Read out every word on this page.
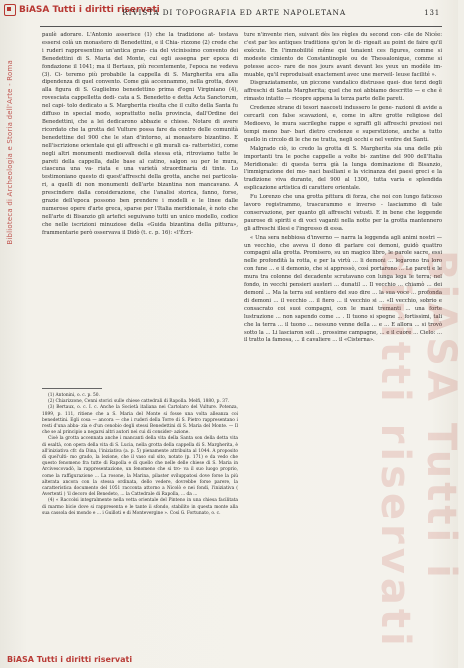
BiASA Tutti i diritti riservati
Biblioteca di Archeologia e Storia dell'Arte - Roma
RIVISTA DI TOPOGRAFIA ED ARTE NAPOLETANA	131

paulè adorare. L'Antonio asserisce (1) che la tradizione at- testava essersi colà un monastero di Benedettini, e il Chia- rizzone (2) crede che i ruderi rappresentino un'antica gran- cia del vicinissimo convento dei Benedettini di S. Maria del Monte, cui egli assegna per epoca di fondazione il 1041; ma il Bertaux, più recentemente, l'epoca ne vedeva (3). Ci- teremo più probabile la cappella di S. Margherita era alla dipendenza di quel convento. Come già accennammo, nella grotta, dove alla figura di S. Guglielmo benedettino prima d'ogni Virginiano (4), rovesciata cappelletta dedi- cata a S. Benedetto e detta Acta Sanctorum, nel capi- tolo dedicato a S. Margherita risulta che il culto della Santa fu diffuso in special modo, soprattutto nella provincia, dall'Ordine dei Benedettini, che a lei dedicarono abbazie e chiese. Notare di avere ricordato che la grotta del Vulture possa fare da centro delle comunità benedettine del 900 che le stan d'intorno, ai monastero bizantino. E nell'iscrizione orientale qui gli affreschi e gli murali ca- ratteristici, come negli altri monumenti medioevali della stessa età, ritroviamo tutte le pareti della cappella, dalle base al catino, salgon su per le mura, ciascuna una va- riata e una varietà straordinaria di tinte. Lo testimoniano questo di quest'affreschi della grotta, anche nei particola- ri, a quelli di non monumenti dell'arte bizantina non mancavano. A prescindere dalla considerazione, che l'analisi storica, fanno, forse, grazie dell'epoca possono ben prendere i modelli e le linee dalle numerose opere d'arte greca, sparse per l'Italia meridionale, è noto che nell'arte di Bisanzio gli artefici seguivano tutti un unico modello, codice che nelle iscrizioni minuziose della «Guida bizantina della pittura», frammentarie però osservava il Didò (t. c. p. 16): «l'Écri-

(1) Antonini, o. c. p. 50.

(2) Chiarizzone, Cenni storici sulle chiese cattedrali di Rapolla. Melfi, 1880, p. 37.

(3) Bertaux, o. c. I. c. Anche la Società italiana nei Cartolaro del Vulture. Potenza, 1899, p. 111, ritiene che a S. Maria del Monte si fosse una volta alleanza coi benedettini. Egli cosa — ancora — che i ruderi della Torre di S. Pietro rappresentano i resti d'una abba- zia e d'un cenobio degli stessi Benedettini di S. Maria del Monte. — Il che se al principio a negarsi altri autori nei cui di consider- azione.

Cioè la grotta accennata anche i mancanti della vita della Santa son della detta vita di esaltà, con opera della vita di S. Lucia, nella grotta della cappella di S. Margherita, è all'iniziativa cfr. da Dina, l'iniziativa (a. p. 5) pienamente attribuita al 1044. A proposito di quel'ulti- mo grado, la lezione, che il vaso sul sito, notato (p. 171) e da vedo che questo fenomeno fra tutte di Rapolla e di quello che nelle delle chiese di S. Maria in Arcivescovadò, la rappresentazione, un fenomeno che si tro- va il suo luogo proprio, come la raffigurazione ... La rosone, la Marina, pilaster sviluppatosi dove forse la più alterata ancora con la stessa ordinata, dello vedere, dovrebbe forse parere, la caratteristica documento del 1051 racconta attorno a Nicolò e nei fondi, l'iniziativa ( Avertentì ) 'il decoro del Benedeto, ... la Cattedrale di Rapolla, ... da ...

(4) « Raccolsi integralmente nella vetta orientale del Pinteno in una chiesa facilitata di marmo bicie dove si rappresenta e le tante ii sfondo, stabilito in questa monte alla sua cassola dei mondo e ... i Guilloti e di Montevergine ». Così G. Fortunato, o. c.

ture n'invente rien, suivant dès les règles du second con- cile de Nicée: c'est par les antiques traditions qu'on le di- rigeait au point de faire qu'il exécute. En l'immobilité même qui tenaient ces figures, comme si modeste cimiento de Constantinople ou de Thessalonique, comme si potesse acco- rare de nos jours avant devant les yeux un modèle im- muable, qu'il reproduisait exactement avec une merveil- leuse facilité ».

Disgraziatamente, un piccone vandalico distrusse quei- due terzi degli affreschi di Santa Margherita; quel che noi abbiamo descritto — e che è rimasto intatto — ricopre appena la terza parte delle pareti.

Credenze strane di tesori nascosti indussero le gene- razioni di avide a cercarli con false scavazioni, e, come in altre grotte religiose del Medioevo, le mura sacrileghe rappe e sgraffi gli affreschi preziosi nei tempi meno bar- bari dietro credenze e superstizione, anche a tutto quello in circolo di le che ne tratta, negli occhi e nel ventre dei Santi.

Malgrado ciò, io credo la grotta di S. Margherita sia una delle più importanti tra le poche cappelle a volte bi- zantine del 900 dell'Italia Meridionale: di questa terra già la lunga dominazione di Bisanzio, l'immigrazione dei mo- naci basiliani e la vicinanza dei paesi greci e la tradizione viva durante, del 900 al 1300, tutta varia e splendida esplicazione artistica di carattere orientale.

Fu Lorenzo che una grotta pittura di forza, che noi con lungo faticoso lavoro registrammo, trascurammo e inverso - lasciammo di tale conservazione, per quanto gli affreschi vetusti. E in bene che leggende paurose di spiriti e di voci vaganti nella notte per la grotta mantennero gli affreschi illesi e l'ingresso di essa.

« Una sera nebbiosa d'inverno — narra la leggenda agli animi nostri — un vecchio, che aveva il dono di parlare coi demoni, guidò quattro compagni alla grotta. Promisero, su un magico libro, le parole sacre, essi nelle profondità la rotta, e per la virtù ... li demoni ... legarono tra loro con fune ... e il demonio, che si appressò, così portarono ... Le pareti e le mura tra colonne del decadente scrutavano con lunga lega le terra; nel fondo, in vecchi pensieri austeri ... dunatil ... Il vecchio ... chiamò ... dei demonî ... Ma la terra sul sentiero del suo dire ... la sua voce ... profonda di demoni ... il vecchio ... il fiero ... il vecchio si ... «Il vecchio, sobrio e consacrato coi suoi compagni, con le mani tremanti ... una forte lustrazione ... non sapendo come ... . Il tuono si spegne ... fortissimi, tali che la terra ... il tuono ... nessuno venne della ... e ... E allora ... si trovò sotto la ... Li lasciaron soli ... prossime campagne, ... e il cuore ... Cielo: ... il tratto la famosa, ... il cavaliere ... il «Cisterna».	BiASA Tutti i diritti riservati
BiASA Tutti i diritti riservati
